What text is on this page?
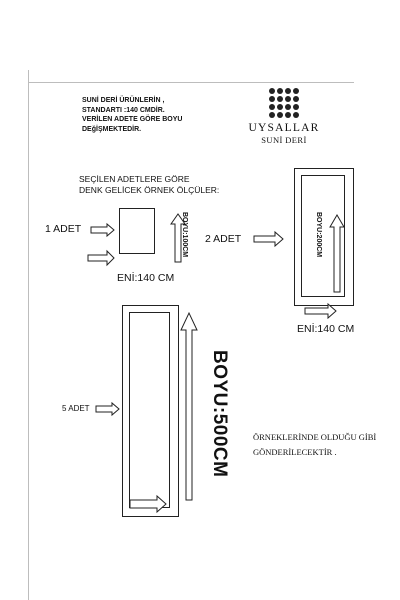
SUNİ DERİ ÜRÜNLERİN ,
STANDARTI :140 CMDİR.
VERİLEN ADETE GÖRE BOYU
DEğİŞMEKTEDİR.	UYSALLAR
SUNİ DERİ
SEÇİLEN ADETLERE GÖRE
DENK GELİCEK ÖRNEK ÖLÇÜLER:
1 ADET	BOYU:100CM
ENİ:140 CM
2 ADET	BOYU:200CM
ENİ:140 CM
5 ADET	BOYU:500CM	ÖRNEKLERİNDE OLDUĞU GİBİ
GÖNDERİLECEKTİR .
